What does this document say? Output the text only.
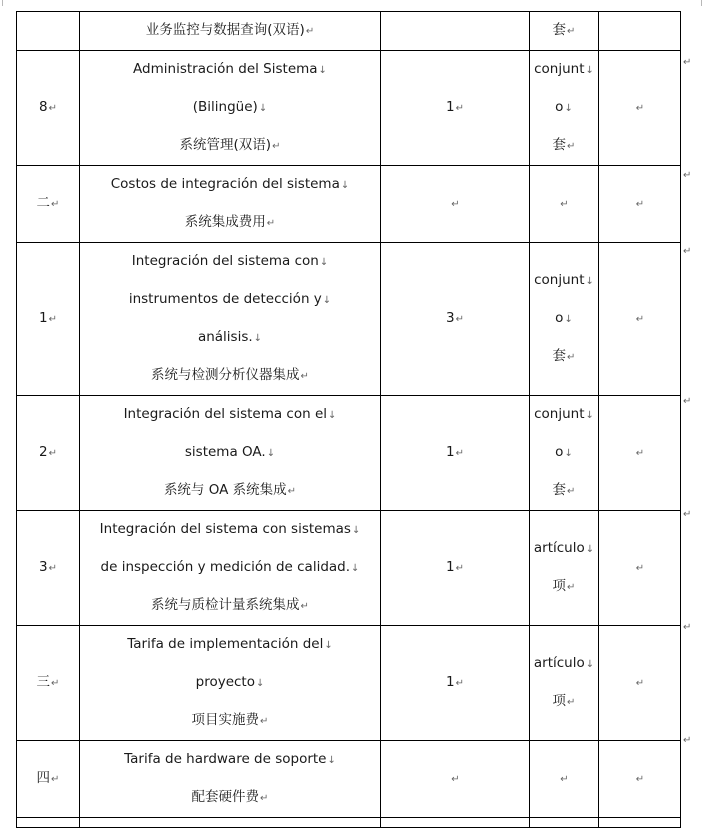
	业务监控与数据查询(双语)↵		套↵	

8↵	Administración del Sistema↓
(Bilingüe)↓
系统管理(双语)↵	1↵	conjunt↓
o↓
套↵	↵
二↵	Costos de integración del sistema↓
系统集成费用↵	↵	↵	↵
1↵	Integración del sistema con↓
instrumentos de detección y↓
análisis.↓
系统与检测分析仪器集成↵	3↵	conjunt↓
o↓
套↵	↵
2↵	Integración del sistema con el↓
sistema OA.↓
系统与 OA 系统集成↵	1↵	conjunt↓
o↓
套↵	↵
3↵	Integración del sistema con sistemas↓
de inspección y medición de calidad.↓
系统与质检计量系统集成↵	1↵	artículo↓
项↵	↵
三↵	Tarifa de implementación del↓
proyecto↓
项目实施费↵	1↵	artículo↓
项↵	↵
四↵	Tarifa de hardware de soporte↓
配套硬件费↵	↵	↵	↵

↵
↵
↵
↵
↵
↵
↵
